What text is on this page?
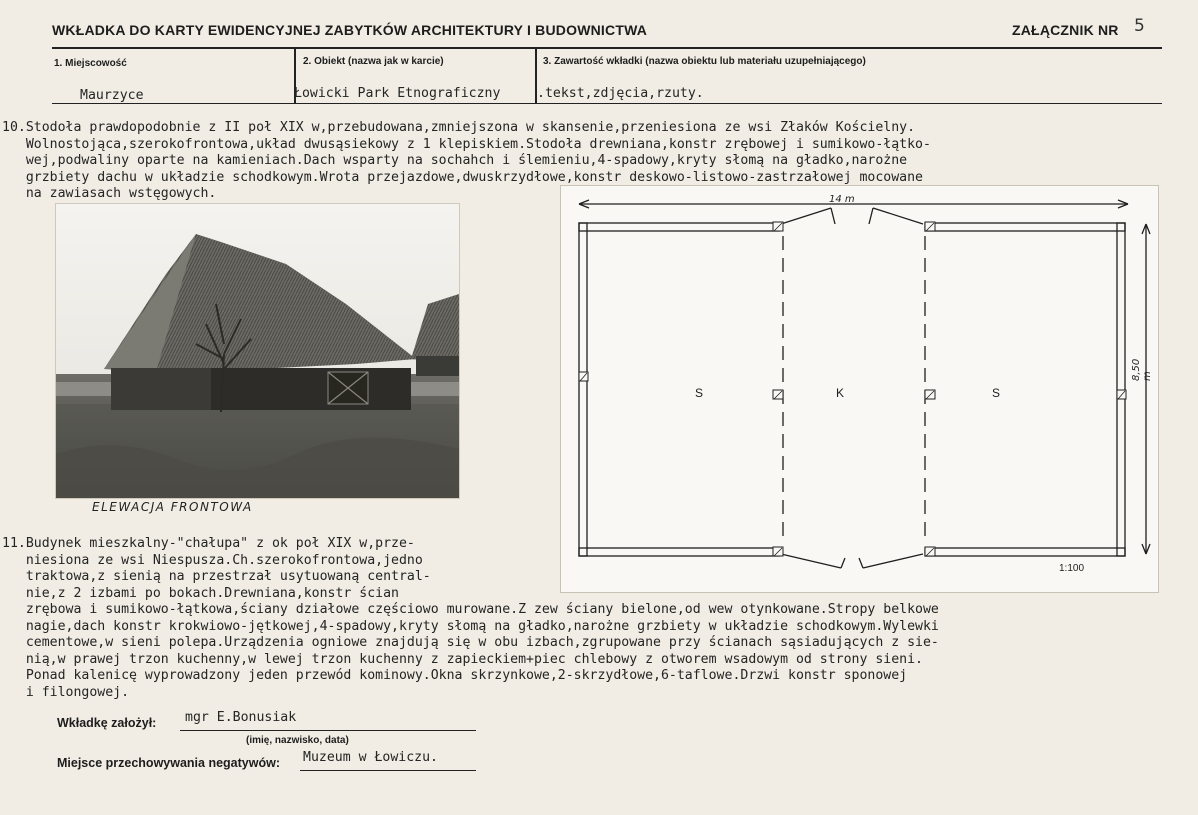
WKŁADKA DO KARTY EWIDENCYJNEJ ZABYTKÓW ARCHITEKTURY I BUDOWNICTWA	ZAŁĄCZNIK NR 5
1. Miejscowość	2. Obiekt (nazwa jak w karcie)	3. Zawartość wkładki (nazwa obiektu lub materiału uzupełniającego)
Maurzyce	Łowicki Park Etnograficzny	.tekst,zdjęcia,rzuty.
10.Stodoła prawdopodobnie z II poł XIX w,przebudowana,zmniejszona w skansenie,przeniesiona ze wsi Złaków Kościelny.
Wolnostojąca,szerokofrontowa,układ dwusąsiekowy z 1 klepiskiem.Stodoła drewniana,konstr zrębowej i sumikowo-łątko-
wej,podwaliny oparte na kamieniach.Dach wsparty na sochahch i ślemieniu,4-spadowy,kryty słomą na gładko,narożne
grzbiety dachu w układzie schodkowym.Wrota przejazdowe,dwuskrzydłowe,konstr deskowo-listowo-zastrzałowej mocowane
na zawiasach wstęgowych.
ELEWACJA FRONTOWA
14 m
8,50 m
S	K	S
1:100
11.Budynek mieszkalny-"chałupa" z ok poł XIX w,prze-
niesiona ze wsi Niespusza.Ch.szerokofrontowa,jedno
traktowa,z sienią na przestrzał usytuowaną central-
nie,z 2 izbami po bokach.Drewniana,konstr ścian
zrębowa i sumikowo-łątkowa,ściany działowe częściowo murowane.Z zew ściany bielone,od wew otynkowane.Stropy belkowe
nagie,dach konstr krokwiowo-jętkowej,4-spadowy,kryty słomą na gładko,narożne grzbiety w układzie schodkowym.Wylewki
cementowe,w sieni polepa.Urządzenia ogniowe znajdują się w obu izbach,zgrupowane przy ścianach sąsiadujących z sie-
nią,w prawej trzon kuchenny,w lewej trzon kuchenny z zapieckiem+piec chlebowy z otworem wsadowym od strony sieni.
Ponad kalenicę wyprowadzony jeden przewód kominowy.Okna skrzynkowe,2-skrzydłowe,6-taflowe.Drzwi konstr sponowej
i filongowej.
Wkładkę założył: mgr E.Bonusiak
(imię, nazwisko, data)
Miejsce przechowywania negatywów: Muzeum w Łowiczu.
